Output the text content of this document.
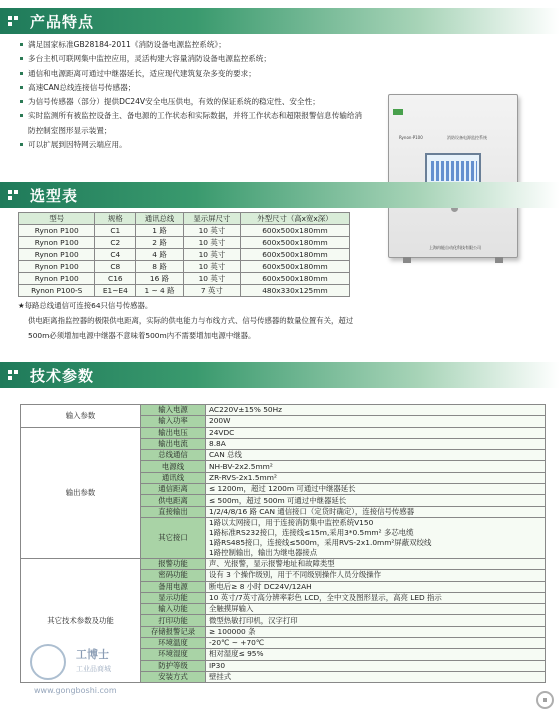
产品特点
满足国家标准GB28184-2011《消防设备电源监控系统》；
多台主机可联网集中监控应用，灵活构建大容量消防设备电源监控系统；
通信和电源距离可通过中继器延长，适应现代建筑复杂多变的要求；
高速CAN总线连接信号传感器；
为信号传感器（部分）提供DC24V安全电压供电，有效的保证系统的稳定性、安全性；
实时监测所有被监控设备主、备电源的工作状态和实际数据，并将工作状态和超限报警信息传输给消防控制室图形显示装置；
可以扩展到因特网云端应用。
Rynon·P100	消防设备电源监控系统
上海冉能自动化科技有限公司
选型表
型号	规格	通讯总线	显示屏尺寸	外型尺寸（高x宽x深）
Rynon P100	C1	1 路	10 英寸	600x500x180mm
Rynon P100	C2	2 路	10 英寸	600x500x180mm
Rynon P100	C4	4 路	10 英寸	600x500x180mm
Rynon P100	C8	8 路	10 英寸	600x500x180mm
Rynon P100	C16	16 路	10 英寸	600x500x180mm
Rynon P100-S	E1~E4	1 ~ 4 路	7 英寸	480x330x125mm
★每路总线通信可连接64只信号传感器。
供电距离指监控器的极限供电距离，实际的供电能力与布线方式、信号传感器的数量位置有关，超过500m必须增加电源中继器不意味着500m内不需要增加电源中继器。
技术参数
输入参数	输入电源	AC220V±15% 50Hz
	输入功率	200W
输出参数	输出电压	24VDC
	输出电流	8.8A
	总线通信	CAN 总线
	电源线	NH-BV-2x2.5mm²
	通讯线	ZR-RVS-2x1.5mm²
	通信距离	≤ 1200m，超过 1200m 可通过中继器延长
	供电距离	≤ 500m，超过 500m 可通过中继器延长
	直接输出	1/2/4/8/16 路 CAN 通信接口（定货时确定），连接信号传感器
	其它接口	1路以太网接口，用于连接消防集中监控系统V150
1路标准RS232接口，连接线≤15m,采用3*0.5mm² 多芯电缆
1路RS485接口，连接线≤500m，采用RVS-2x1.0mm²屏蔽双绞线
1路控制输出，输出为继电器接点
其它技术参数及功能	报警功能	声、光报警，显示报警地址和故障类型
	密码功能	设有 3 个操作级别，用于不同级别操作人员分级操作
	备用电源	断电后≥ 8 小时 DC24V/12AH
	显示功能	10 英寸/7英寸高分辨率彩色 LCD，全中文及图形显示，高亮 LED 指示
	输入功能	全触摸屏输入
	打印功能	微型热敏打印机，汉字打印
	存储报警记录	≥ 100000 条
	环境温度	-20℃ ~ +70℃
	环境湿度	相对湿度≤ 95%
	防护等级	IP30
	安装方式	壁挂式
工博士
工业品商城
www.gongboshi.com
